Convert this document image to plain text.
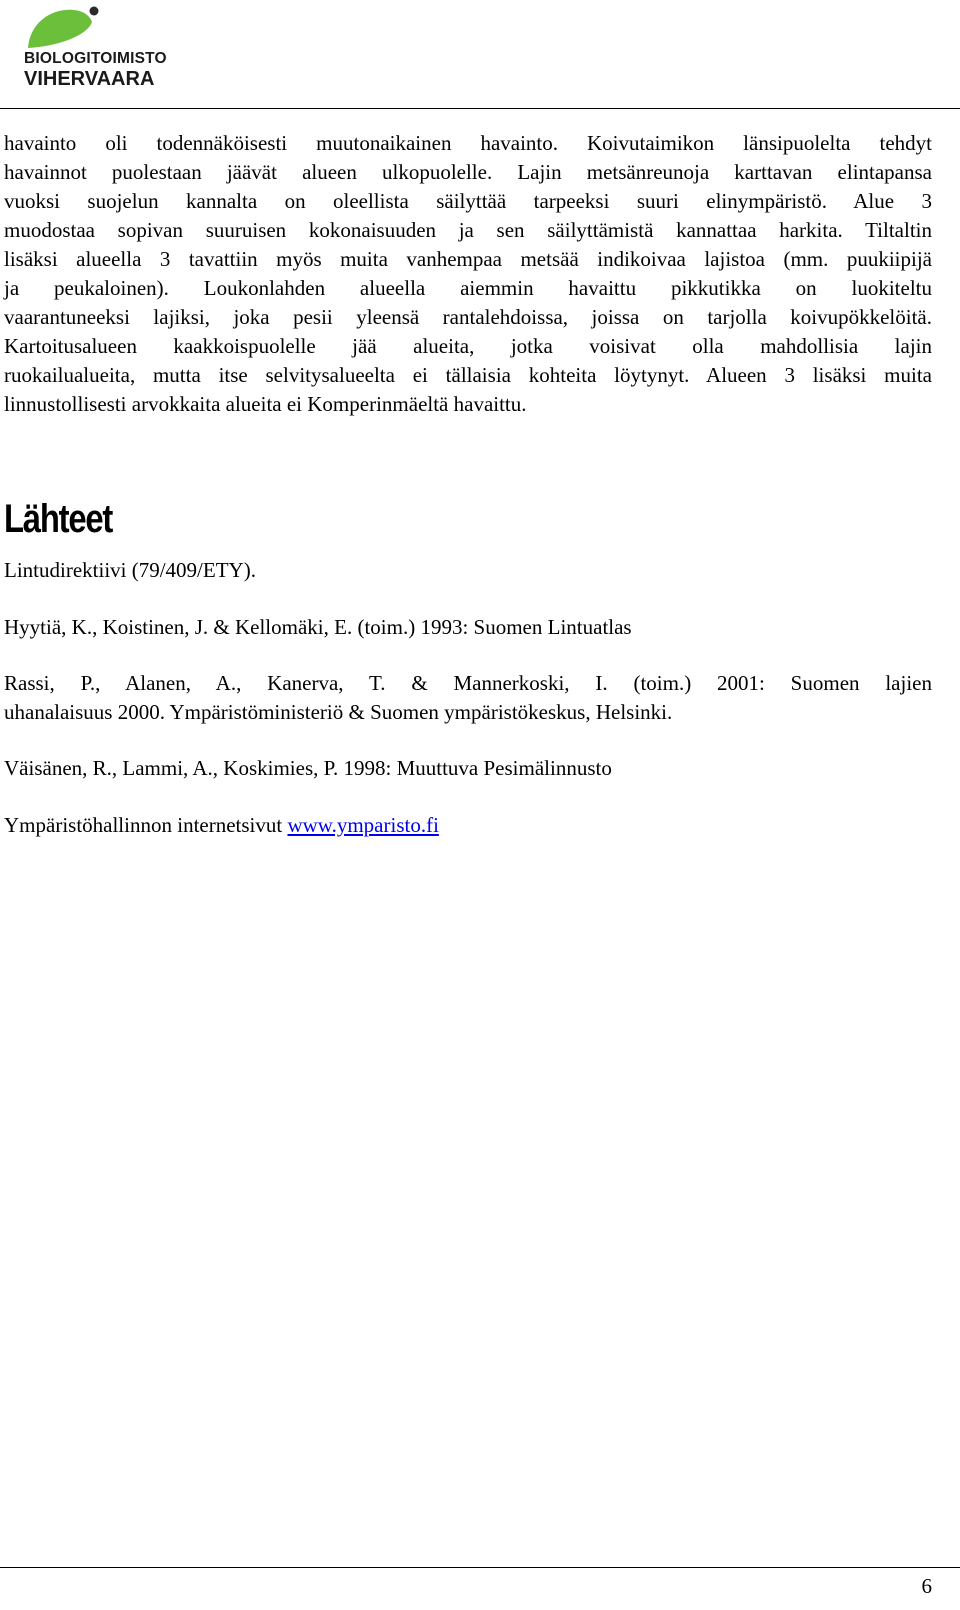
BIOLOGITOIMISTO
VIHERVAARA
havainto oli todennäköisesti muutonaikainen havainto. Koivutaimikon länsipuolelta tehdyt
havainnot puolestaan jäävät alueen ulkopuolelle. Lajin metsänreunoja karttavan elintapansa
vuoksi suojelun kannalta on oleellista säilyttää tarpeeksi suuri elinympäristö. Alue 3
muodostaa sopivan suuruisen kokonaisuuden ja sen säilyttämistä kannattaa harkita. Tiltaltin
lisäksi alueella 3 tavattiin myös muita vanhempaa metsää indikoivaa lajistoa (mm. puukiipijä
ja peukaloinen). Loukonlahden alueella aiemmin havaittu pikkutikka on luokiteltu
vaarantuneeksi lajiksi, joka pesii yleensä rantalehdoissa, joissa on tarjolla koivupökkelöitä.
Kartoitusalueen kaakkoispuolelle jää alueita, jotka voisivat olla mahdollisia lajin
ruokailualueita, mutta itse selvitysalueelta ei tällaisia kohteita löytynyt. Alueen 3 lisäksi muita
linnustollisesti arvokkaita alueita ei Komperinmäeltä havaittu.
Lähteet
Lintudirektiivi (79/409/ETY).
Hyytiä, K., Koistinen, J. & Kellomäki, E. (toim.) 1993: Suomen Lintuatlas
Rassi, P., Alanen, A., Kanerva, T. & Mannerkoski, I. (toim.) 2001: Suomen lajien
uhanalaisuus 2000. Ympäristöministeriö & Suomen ympäristökeskus, Helsinki.
Väisänen, R., Lammi, A., Koskimies, P. 1998: Muuttuva Pesimälinnusto
Ympäristöhallinnon internetsivut www.ymparisto.fi
6
